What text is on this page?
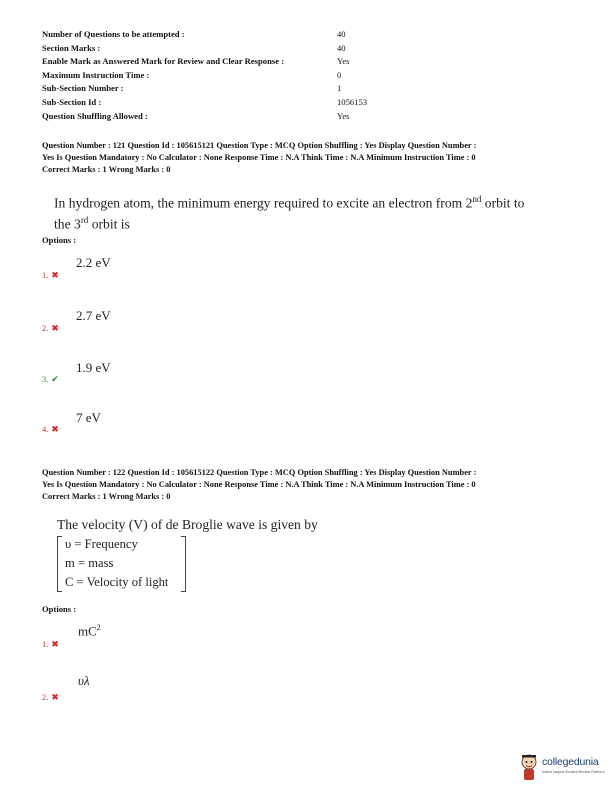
Number of Questions to be attempted :	40
Section Marks :	40
Enable Mark as Answered Mark for Review and Clear Response :	Yes
Maximum Instruction Time :	0
Sub-Section Number :	1
Sub-Section Id :	1056153
Question Shuffling Allowed :	Yes
Question Number : 121 Question Id : 105615121 Question Type : MCQ Option Shuffling : Yes Display Question Number :
Yes Is Question Mandatory : No Calculator : None Response Time : N.A Think Time : N.A Minimum Instruction Time : 0
Correct Marks : 1 Wrong Marks : 0
In hydrogen atom, the minimum energy required to excite an electron from 2nd orbit to
the 3rd orbit is
Options :
2.2 eV
1. ✖
2.7 eV
2. ✖
1.9 eV
3. ✔
7 eV
4. ✖
Question Number : 122 Question Id : 105615122 Question Type : MCQ Option Shuffling : Yes Display Question Number :
Yes Is Question Mandatory : No Calculator : None Response Time : N.A Think Time : N.A Minimum Instruction Time : 0
Correct Marks : 1 Wrong Marks : 0
The velocity (V) of de Broglie wave is given by
υ = Frequency
m = mass
C = Velocity of light
Options :
$mC^2$
1. ✖
υλ
2. ✖
collegedunia
India's largest Student Review Platform
